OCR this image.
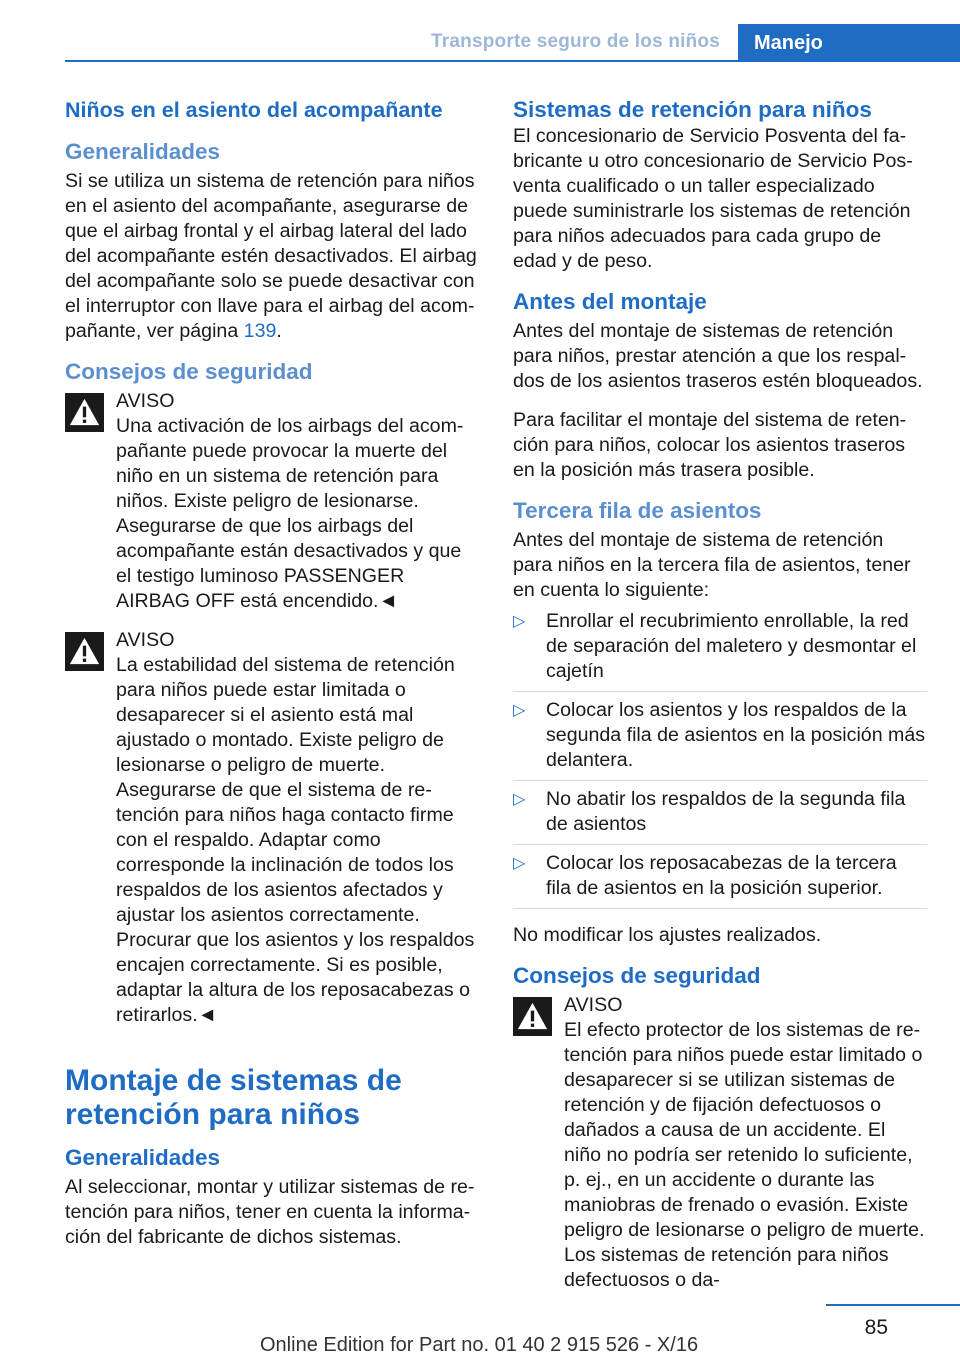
Transporte seguro de los niños	Manejo
Niños en el asiento del acompañante
Generalidades
Si se utiliza un sistema de retención para niños en el asiento del acompañante, asegurarse de que el airbag frontal y el airbag lateral del lado del acompañante estén desactivados. El airbag del acompañante solo se puede desactivar con el interruptor con llave para el airbag del acompañante, ver página 139.
Consejos de seguridad
AVISO
Una activación de los airbags del acompañante puede provocar la muerte del niño en un sistema de retención para niños. Existe peligro de lesionarse. Asegurarse de que los airbags del acompañante están desactivados y que el testigo luminoso PASSENGER AIRBAG OFF está encendido.◄
AVISO
La estabilidad del sistema de retención para niños puede estar limitada o desaparecer si el asiento está mal ajustado o montado. Existe peligro de lesionarse o peligro de muerte. Asegurarse de que el sistema de retención para niños haga contacto firme con el respaldo. Adaptar como corresponde la inclinación de todos los respaldos de los asientos afectados y ajustar los asientos correctamente. Procurar que los asientos y los respaldos encajen correctamente. Si es posible, adaptar la altura de los reposacabezas o retirarlos.◄
Montaje de sistemas de retención para niños
Generalidades
Al seleccionar, montar y utilizar sistemas de retención para niños, tener en cuenta la información del fabricante de dichos sistemas.
Sistemas de retención para niños
El concesionario de Servicio Posventa del fabricante u otro concesionario de Servicio Posventa cualificado o un taller especializado puede suministrarle los sistemas de retención para niños adecuados para cada grupo de edad y de peso.
Antes del montaje
Antes del montaje de sistemas de retención para niños, prestar atención a que los respaldos de los asientos traseros estén bloqueados.
Para facilitar el montaje del sistema de retención para niños, colocar los asientos traseros en la posición más trasera posible.
Tercera fila de asientos
Antes del montaje de sistema de retención para niños en la tercera fila de asientos, tener en cuenta lo siguiente:
▷ Enrollar el recubrimiento enrollable, la red de separación del maletero y desmontar el cajetín
▷ Colocar los asientos y los respaldos de la segunda fila de asientos en la posición más delantera.
▷ No abatir los respaldos de la segunda fila de asientos
▷ Colocar los reposacabezas de la tercera fila de asientos en la posición superior.
No modificar los ajustes realizados.
Consejos de seguridad
AVISO
El efecto protector de los sistemas de retención para niños puede estar limitado o desaparecer si se utilizan sistemas de retención y de fijación defectuosos o dañados a causa de un accidente. El niño no podría ser retenido lo suficiente, p. ej., en un accidente o durante las maniobras de frenado o evasión. Existe peligro de lesionarse o peligro de muerte. Los sistemas de retención para niños defectuosos o da-
85
Online Edition for Part no. 01 40 2 915 526 - X/16
